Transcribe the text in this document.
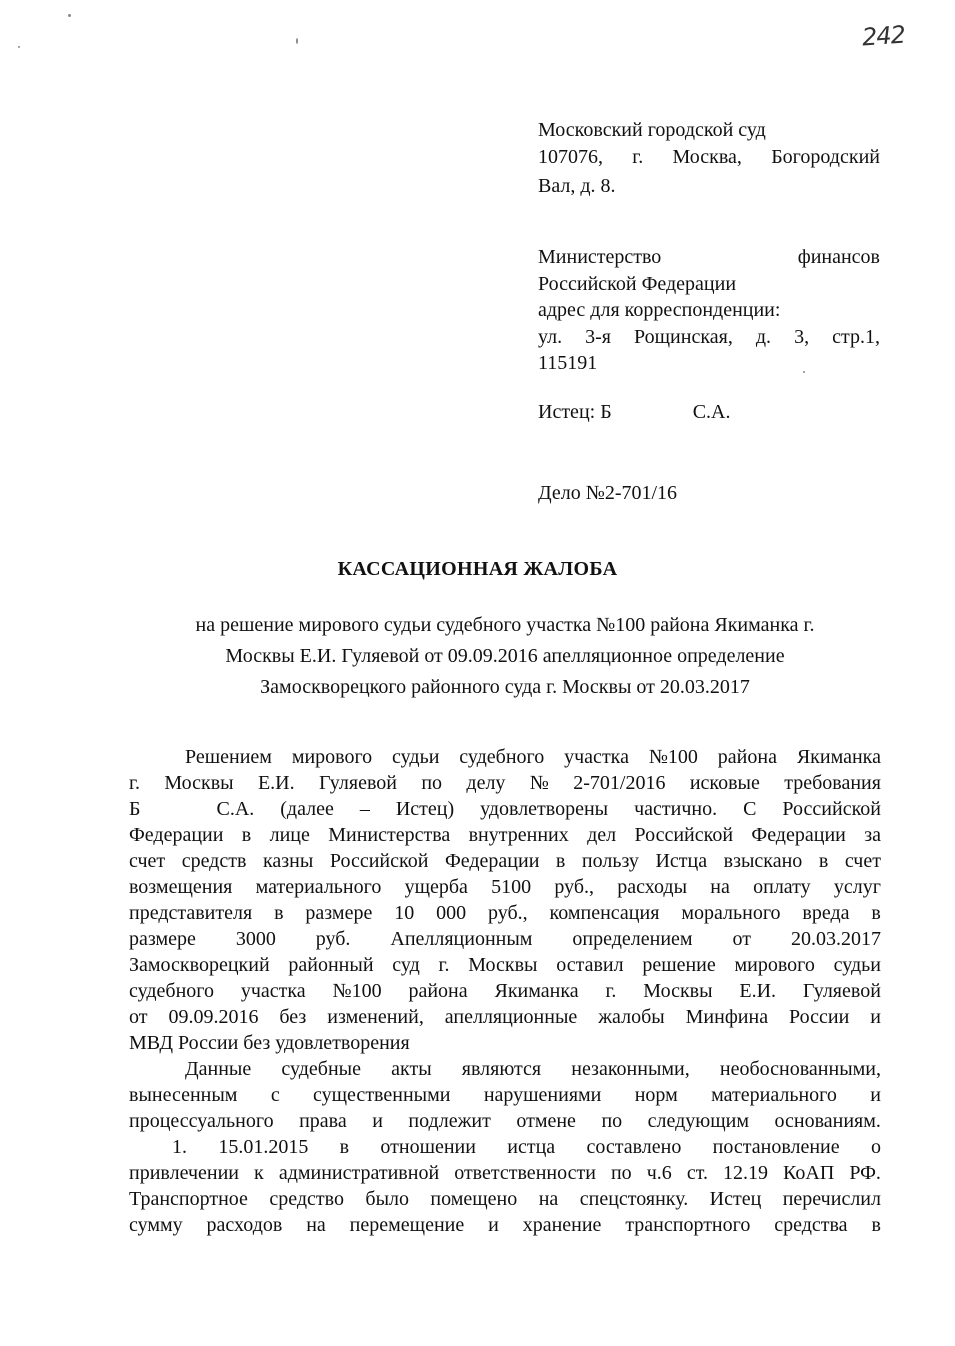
242
Московский городской суд
107076, г. Москва, Богородский
Вал, д. 8.
Министерство	финансов
Российской Федерации
адрес для корреспонденции:
ул. 3-я Рощинская, д. 3, стр.1,
115191
Истец: Б	С.А.
Дело №2-701/16
КАССАЦИОННАЯ ЖАЛОБА
на решение мирового судьи судебного участка №100 района Якиманка г.
Москвы Е.И. Гуляевой от 09.09.2016 апелляционное определение
Замоскворецкого районного суда г. Москвы от 20.03.2017
Решением мирового судьи судебного участка №100 района Якиманка
г. Москвы Е.И. Гуляевой по делу № 2-701/2016 исковые требования
Б	С.А. (далее – Истец) удовлетворены частично. С Российской
Федерации в лице Министерства внутренних дел Российской Федерации за
счет средств казны Российской Федерации в пользу Истца взыскано в счет
возмещения материального ущерба 5100 руб., расходы на оплату услуг
представителя в размере 10 000 руб., компенсация морального вреда в
размере 3000 руб. Апелляционным определением от 20.03.2017
Замоскворецкий районный суд г. Москвы оставил решение мирового судьи
судебного участка №100 района Якиманка г. Москвы Е.И. Гуляевой
от 09.09.2016 без изменений, апелляционные жалобы Минфина России и
МВД России без удовлетворения
Данные судебные акты являются незаконными, необоснованными,
вынесенным с существенными нарушениями норм материального и
процессуального права и подлежит отмене по следующим основаниям.
1. 15.01.2015 в отношении истца составлено постановление о
привлечении к административной ответственности по ч.6 ст. 12.19 КоАП РФ.
Транспортное средство было помещено на спецстоянку. Истец перечислил
сумму расходов на перемещение и хранение транспортного средства в
